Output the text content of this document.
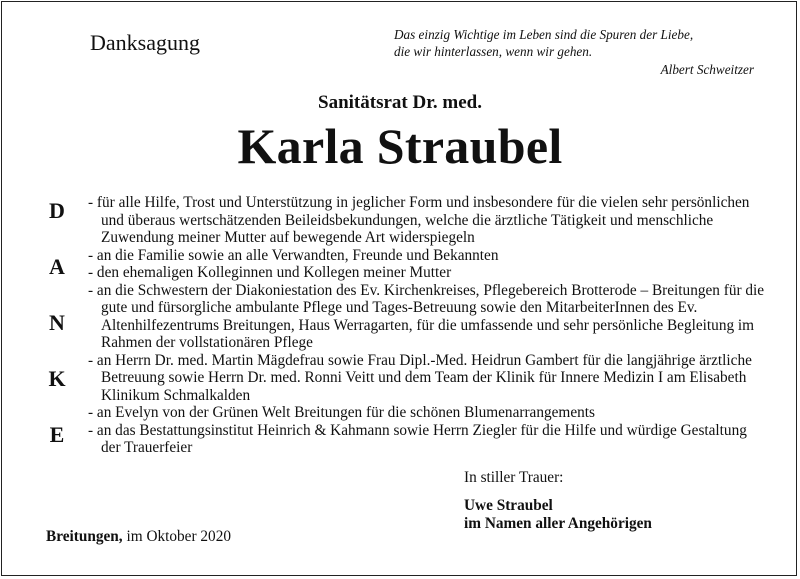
Danksagung	Das einzig Wichtige im Leben sind die Spuren der Liebe,
die wir hinterlassen, wenn wir gehen.
Albert Schweitzer
Sanitätsrat Dr. med.
Karla Straubel
D
A
N
K
E
- für alle Hilfe, Trost und Unterstützung in jeglicher Form und insbesondere für die vielen sehr persönlichen und überaus wertschätzenden Beileidsbekundungen, welche die ärztliche Tätigkeit und menschliche Zuwendung meiner Mutter auf bewegende Art widerspiegeln
- an die Familie sowie an alle Verwandten, Freunde und Bekannten
- den ehemaligen Kolleginnen und Kollegen meiner Mutter
- an die Schwestern der Diakoniestation des Ev. Kirchenkreises, Pflegebereich Brotterode – Breitungen für die gute und fürsorgliche ambulante Pflege und Tages-Betreuung sowie den MitarbeiterInnen des Ev. Altenhilfezentrums Breitungen, Haus Werragarten, für die umfassende und sehr persönliche Begleitung im Rahmen der vollstationären Pflege
- an Herrn Dr. med. Martin Mägdefrau sowie Frau Dipl.-Med. Heidrun Gambert für die langjährige ärztliche Betreuung sowie Herrn Dr. med. Ronni Veitt und dem Team der Klinik für Innere Medizin I am Elisabeth Klinikum Schmalkalden
- an Evelyn von der Grünen Welt Breitungen für die schönen Blumenarrangements
- an das Bestattungsinstitut Heinrich & Kahmann sowie Herrn Ziegler für die Hilfe und würdige Gestaltung der Trauerfeier
In stiller Trauer:
Uwe Straubel
im Namen aller Angehörigen
Breitungen, im Oktober 2020
